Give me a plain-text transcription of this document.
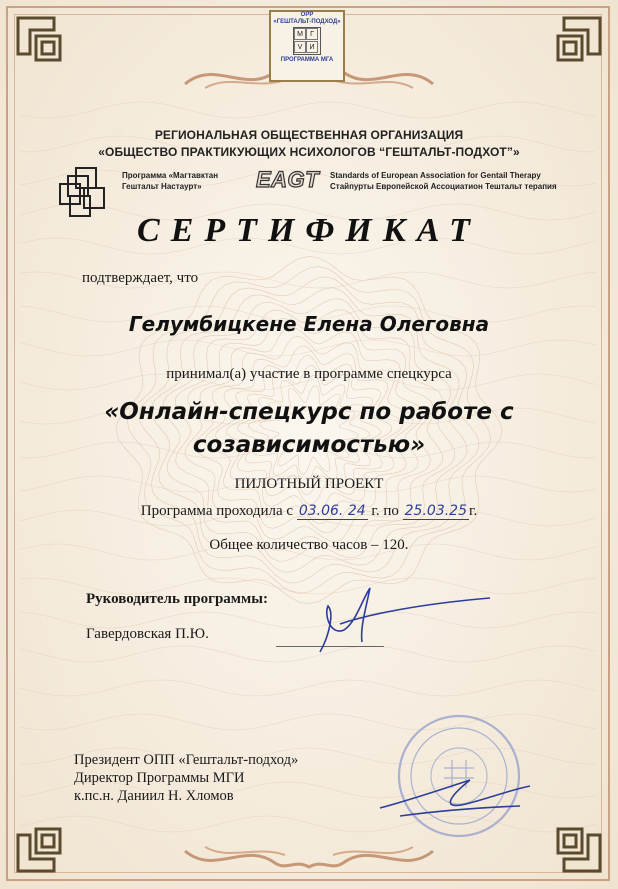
ОРР
«ГЕШТАЛЬТ-ПОДХОД»
М	Г
V	И
ПРОГРАММА МГА
РЕГИОНАЛЬНАЯ ОБЩЕСТВЕННАЯ ОРГАНИЗАЦИЯ
«ОБЩЕСТВО ПРАКТИКУЮЩИХ НСИХОЛОГОВ “ГЕШТАЛЬТ-ПОДХОТ”»
Программа «Магтавктан
Гештальт Настаурт»	EAGT Standards of European Association for Gentail Therapy
Стайпурты Европейской Ассоциатион Тештальт терапия
СЕРТИФИКАТ
подтверждает, что
Гелумбицкене Елена Олеговна
принимал(а) участие в программе спецкурса
«Онлайн-спецкурс по работе с
созависимостью»
ПИЛОТНЫЙ ПРОЕКТ
Программа проходила с 03.06. 24 г. по 25.03.25 г.
Общее количество часов – 120.
Руководитель программы:
Гавердовская П.Ю.
Президент ОПП «Гештальт-подход»
Директор Программы МГИ
к.пс.н. Даниил Н. Хломов
